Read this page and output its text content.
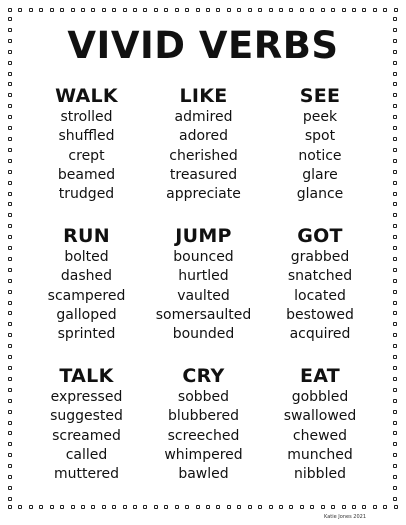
VIVID VERBS
WALK
strolled
shuffled
crept
beamed
trudged
LIKE
admired
adored
cherished
treasured
appreciate
SEE
peek
spot
notice
glare
glance
RUN
bolted
dashed
scampered
galloped
sprinted
JUMP
bounced
hurtled
vaulted
somersaulted
bounded
GOT
grabbed
snatched
located
bestowed
acquired
TALK
expressed
suggested
screamed
called
muttered
CRY
sobbed
blubbered
screeched
whimpered
bawled
EAT
gobbled
swallowed
chewed
munched
nibbled
Katie Jones 2021
